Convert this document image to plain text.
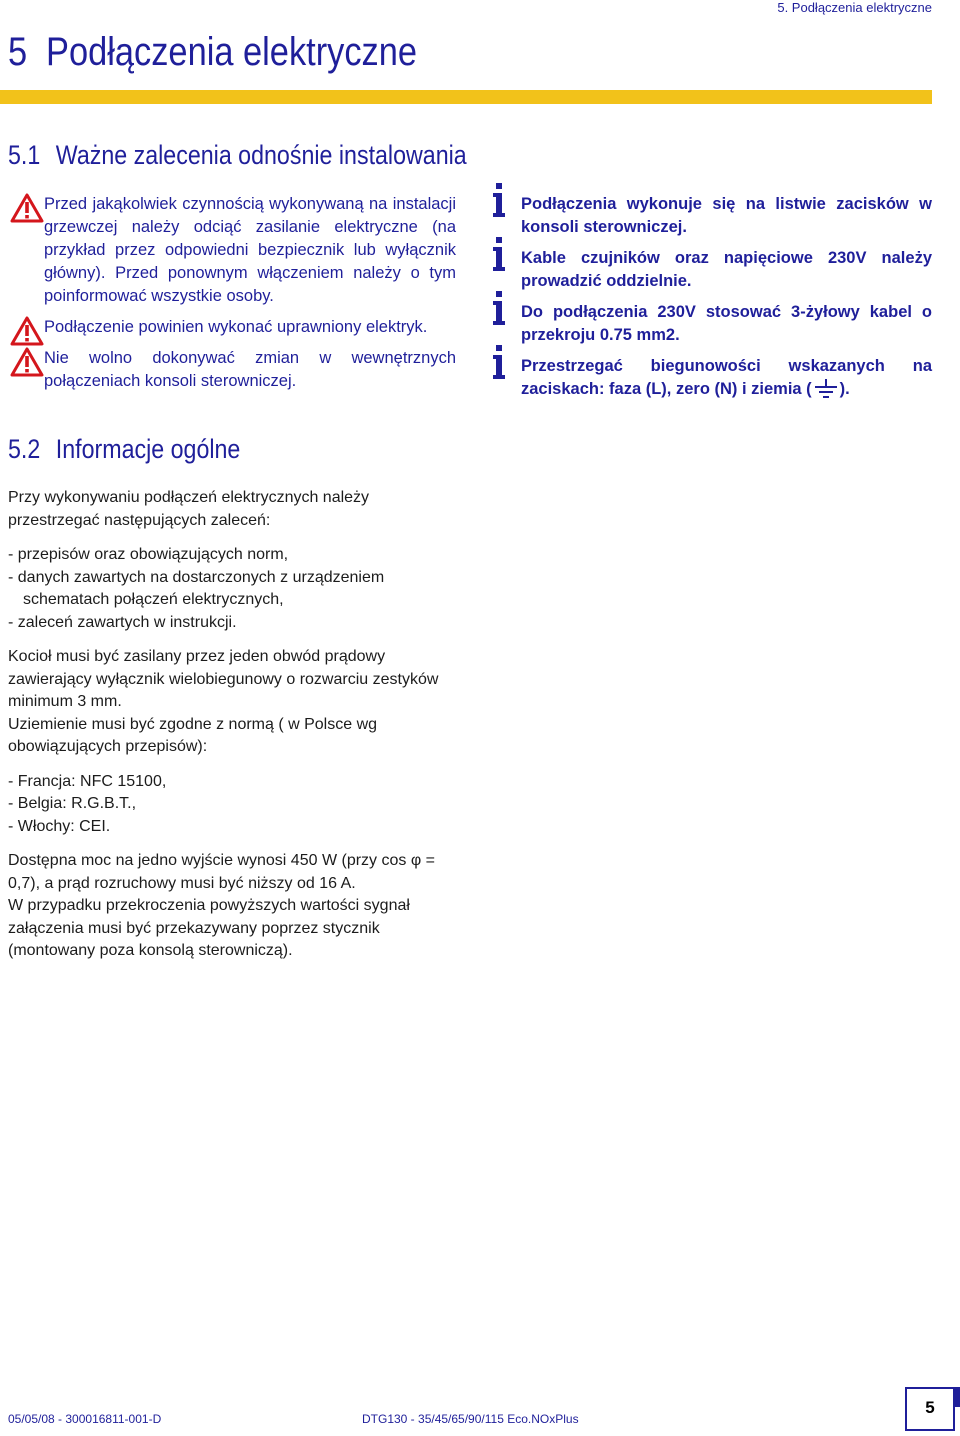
5. Podłączenia elektryczne
5 Podłączenia elektryczne
5.1 Ważne zalecenia odnośnie instalowania
Przed jakąkolwiek czynnością wykonywaną na instalacji grzewczej należy odciąć zasilanie elektryczne (na przykład przez odpowiedni bezpiecznik lub wyłącznik główny). Przed ponownym włączeniem należy o tym poinformować wszystkie osoby.
Podłączenie powinien wykonać uprawniony elektryk.
Nie wolno dokonywać zmian w wewnętrznych połączeniach konsoli sterowniczej.
Podłączenia wykonuje się na listwie zacisków w konsoli sterowniczej.
Kable czujników oraz napięciowe 230V należy prowadzić oddzielnie.
Do podłączenia 230V stosować 3-żyłowy kabel o przekroju 0.75 mm2.
Przestrzegać biegunowości wskazanych na zaciskach: faza (L), zero (N) i ziemia ( ).
5.2 Informacje ogólne

Przy wykonywaniu podłączeń elektrycznych należy przestrzegać następujących zaleceń:

- przepisów oraz obowiązujących norm,
- danych zawartych na dostarczonych z urządzeniem schematach połączeń elektrycznych,
- zaleceń zawartych w instrukcji.

Kocioł musi być zasilany przez jeden obwód prądowy zawierający wyłącznik wielobiegunowy o rozwarciu zestyków minimum 3 mm.

Uziemienie musi być zgodne z normą ( w Polsce wg obowiązujących przepisów):

- Francja: NFC 15100,
- Belgia: R.G.B.T.,
- Włochy: CEI.

Dostępna moc na jedno wyjście wynosi 450 W (przy cos φ = 0,7), a prąd rozruchowy musi być niższy od 16 A.

W przypadku przekroczenia powyższych wartości sygnał załączenia musi być przekazywany poprzez stycznik (montowany poza konsolą sterowniczą).

05/05/08 - 300016811-001-D	DTG130 - 35/45/65/90/115 Eco.NOxPlus
5
